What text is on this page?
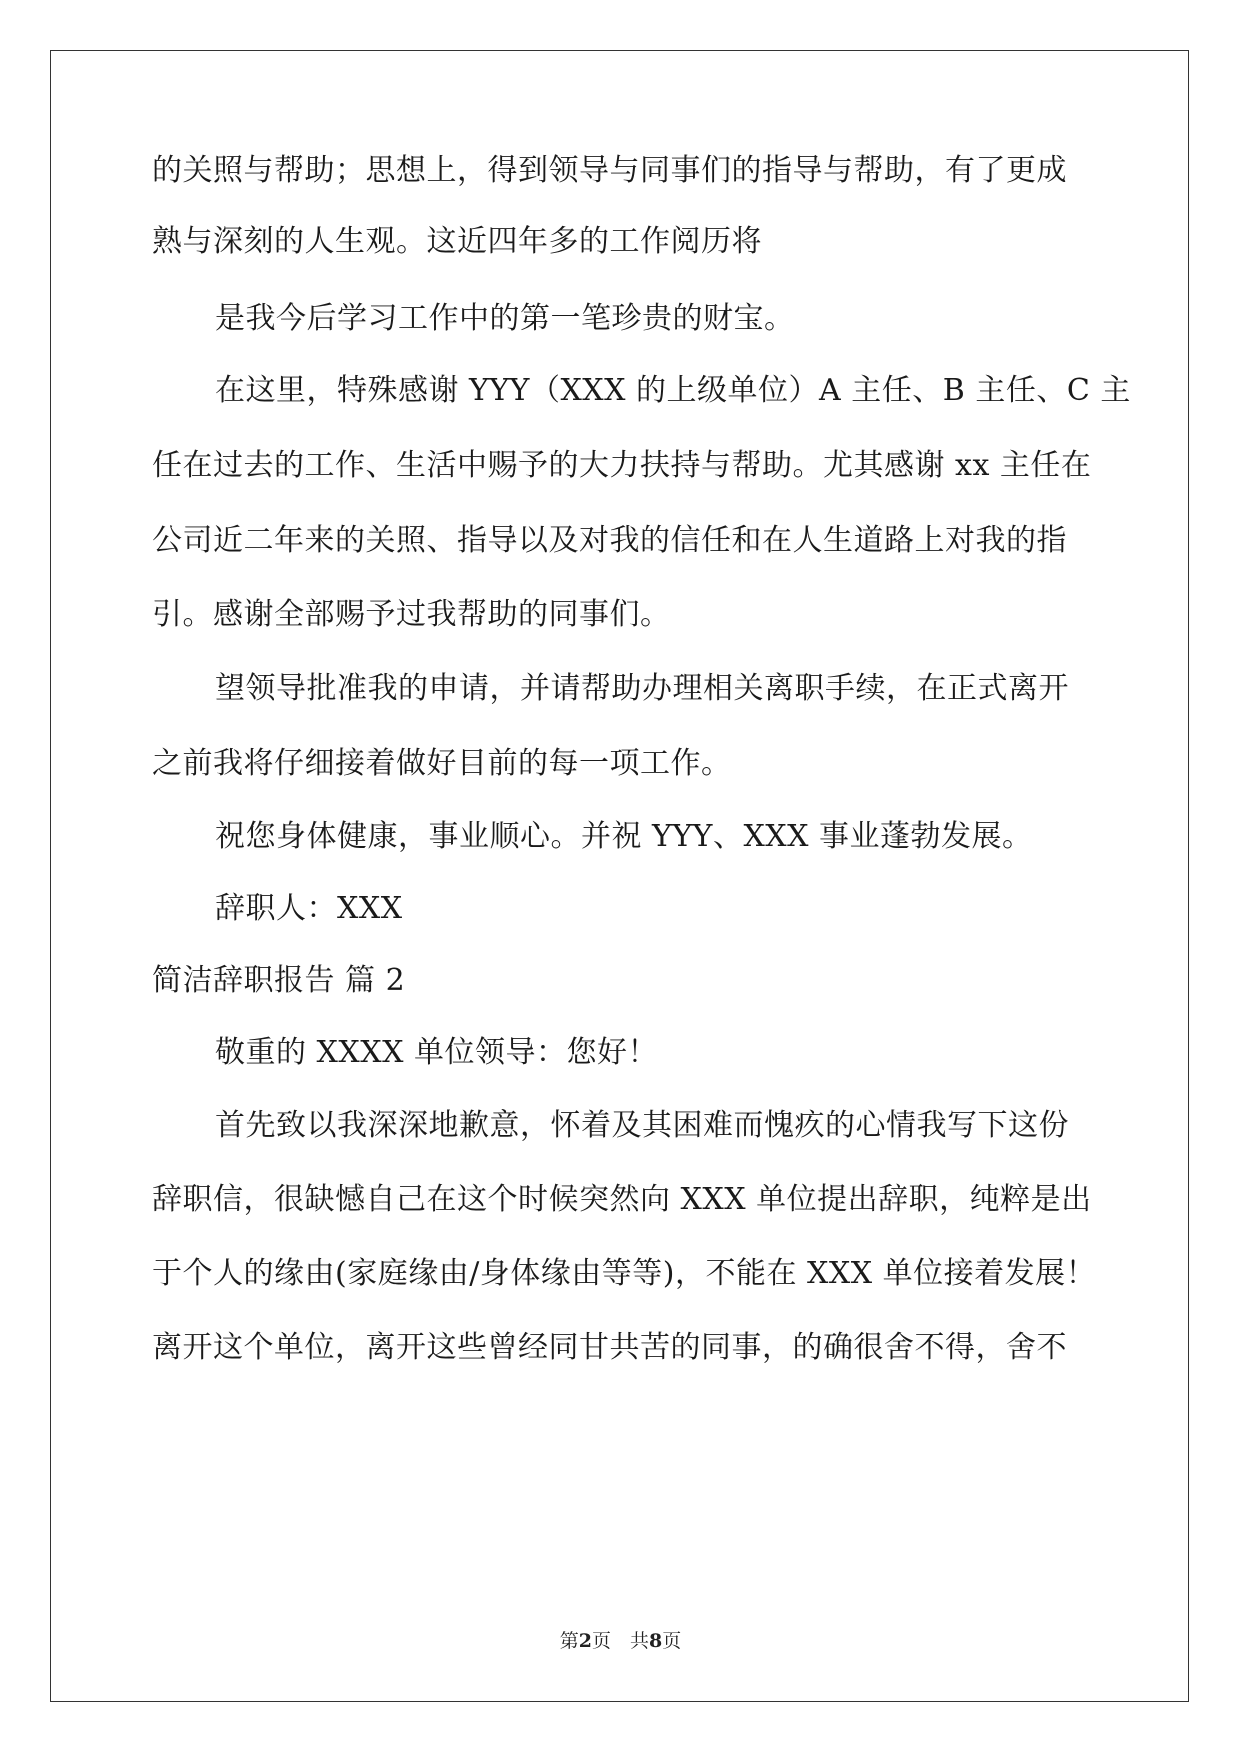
的关照与帮助；思想上，得到领导与同事们的指导与帮助，有了更成
熟与深刻的人生观。这近四年多的工作阅历将
是我今后学习工作中的第一笔珍贵的财宝。
在这里，特殊感谢 YYY（XXX 的上级单位）A 主任、B 主任、C 主
任在过去的工作、生活中赐予的大力扶持与帮助。尤其感谢 xx 主任在
公司近二年来的关照、指导以及对我的信任和在人生道路上对我的指
引。感谢全部赐予过我帮助的同事们。
望领导批准我的申请，并请帮助办理相关离职手续，在正式离开
之前我将仔细接着做好目前的每一项工作。
祝您身体健康，事业顺心。并祝 YYY、XXX 事业蓬勃发展。
辞职人：XXX
简洁辞职报告 篇 2
敬重的 XXXX 单位领导：您好！
首先致以我深深地歉意，怀着及其困难而愧疚的心情我写下这份
辞职信，很缺憾自己在这个时候突然向 XXX 单位提出辞职，纯粹是出
于个人的缘由(家庭缘由/身体缘由等等)，不能在 XXX 单位接着发展！
离开这个单位，离开这些曾经同甘共苦的同事，的确很舍不得，舍不
第2页　共8页
